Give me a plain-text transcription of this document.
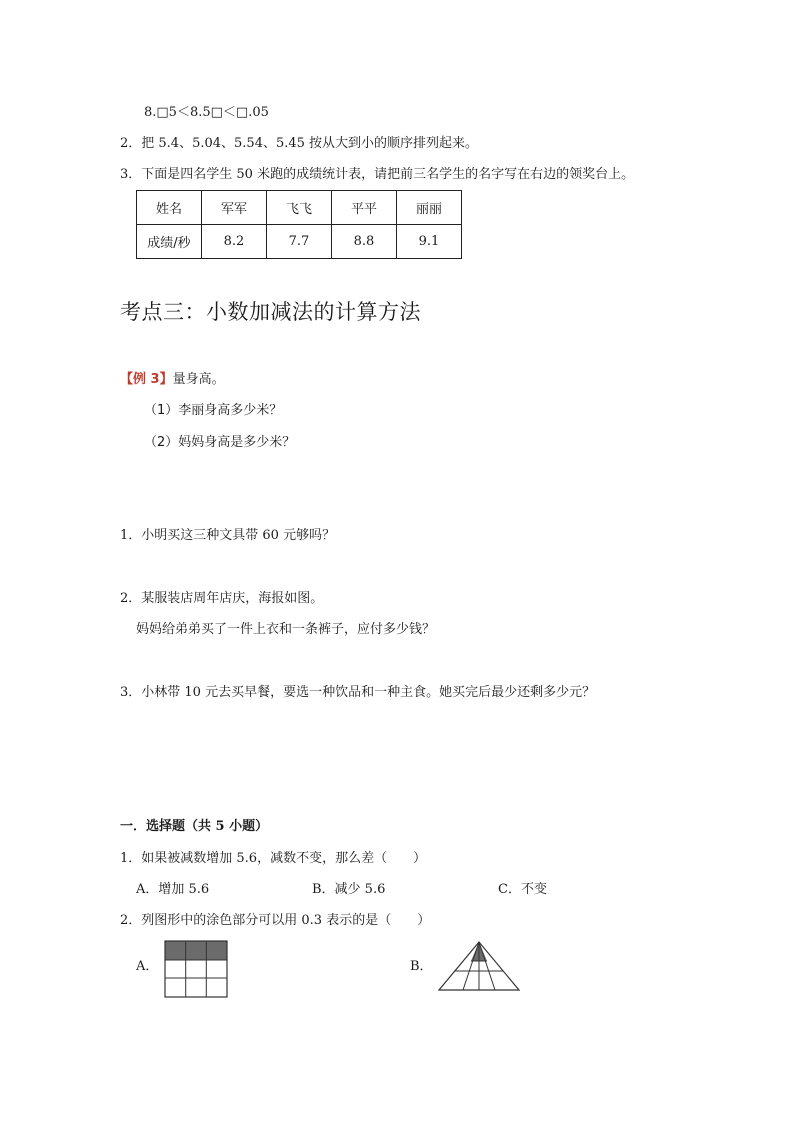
8.□5＜8.5□＜□.05
2．把 5.4、5.04、5.54、5.45 按从大到小的顺序排列起来。
3．下面是四名学生 50 米跑的成绩统计表，请把前三名学生的名字写在右边的领奖台上。
姓名	军军	飞飞	平平	丽丽
成绩/秒	8.2	7.7	8.8	9.1
考点三：小数加减法的计算方法
【例 3】量身高。
（1）李丽身高多少米？
（2）妈妈身高是多少米？
1．小明买这三种文具带 60 元够吗？
2．某服装店周年店庆，海报如图。
妈妈给弟弟买了一件上衣和一条裤子，应付多少钱？
3．小林带 10 元去买早餐，要选一种饮品和一种主食。她买完后最少还剩多少元？
一．选择题（共 5 小题）
1．如果被减数增加 5.6，减数不变，那么差（　　）
A．增加 5.6	B．减少 5.6	C．不变
2．列图形中的涂色部分可以用 0.3 表示的是（　　）
A．	B．
